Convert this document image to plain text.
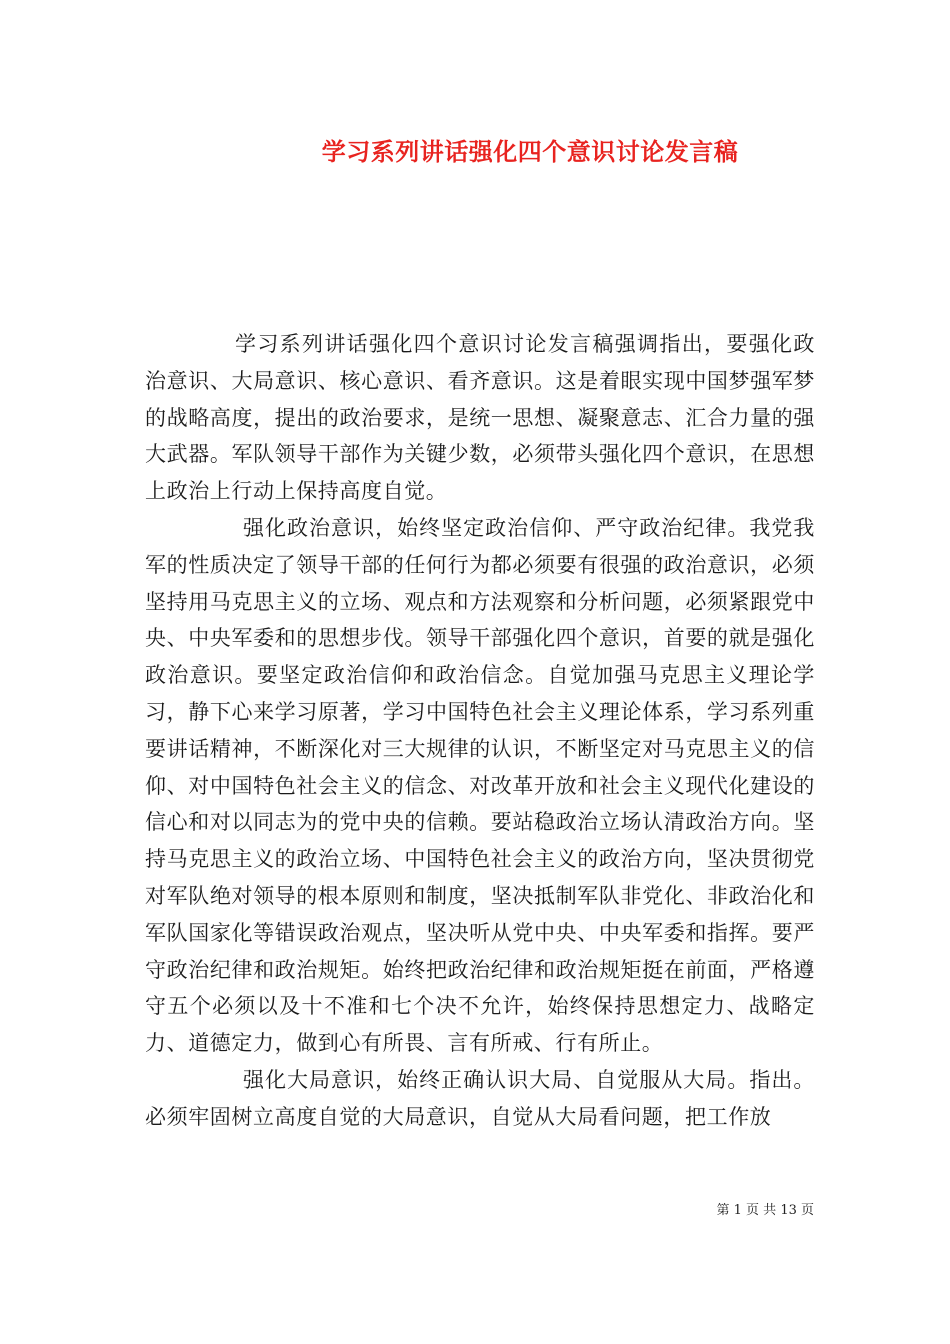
学习系列讲话强化四个意识讨论发言稿

学习系列讲话强化四个意识讨论发言稿强调指出，要强化政治意识、大局意识、核心意识、看齐意识。这是着眼实现中国梦强军梦的战略高度，提出的政治要求，是统一思想、凝聚意志、汇合力量的强大武器。军队领导干部作为关键少数，必须带头强化四个意识，在思想上政治上行动上保持高度自觉。

强化政治意识，始终坚定政治信仰、严守政治纪律。我党我军的性质决定了领导干部的任何行为都必须要有很强的政治意识，必须坚持用马克思主义的立场、观点和方法观察和分析问题，必须紧跟党中央、中央军委和的思想步伐。领导干部强化四个意识，首要的就是强化政治意识。要坚定政治信仰和政治信念。自觉加强马克思主义理论学习，静下心来学习原著，学习中国特色社会主义理论体系，学习系列重要讲话精神，不断深化对三大规律的认识，不断坚定对马克思主义的信仰、对中国特色社会主义的信念、对改革开放和社会主义现代化建设的信心和对以同志为的党中央的信赖。要站稳政治立场认清政治方向。坚持马克思主义的政治立场、中国特色社会主义的政治方向，坚决贯彻党对军队绝对领导的根本原则和制度，坚决抵制军队非党化、非政治化和军队国家化等错误政治观点，坚决听从党中央、中央军委和指挥。要严守政治纪律和政治规矩。始终把政治纪律和政治规矩挺在前面，严格遵守五个必须以及十不准和七个决不允许，始终保持思想定力、战略定力、道德定力，做到心有所畏、言有所戒、行有所止。

强化大局意识，始终正确认识大局、自觉服从大局。指出。必须牢固树立高度自觉的大局意识，自觉从大局看问题，把工作放

第 1 页 共 13 页
